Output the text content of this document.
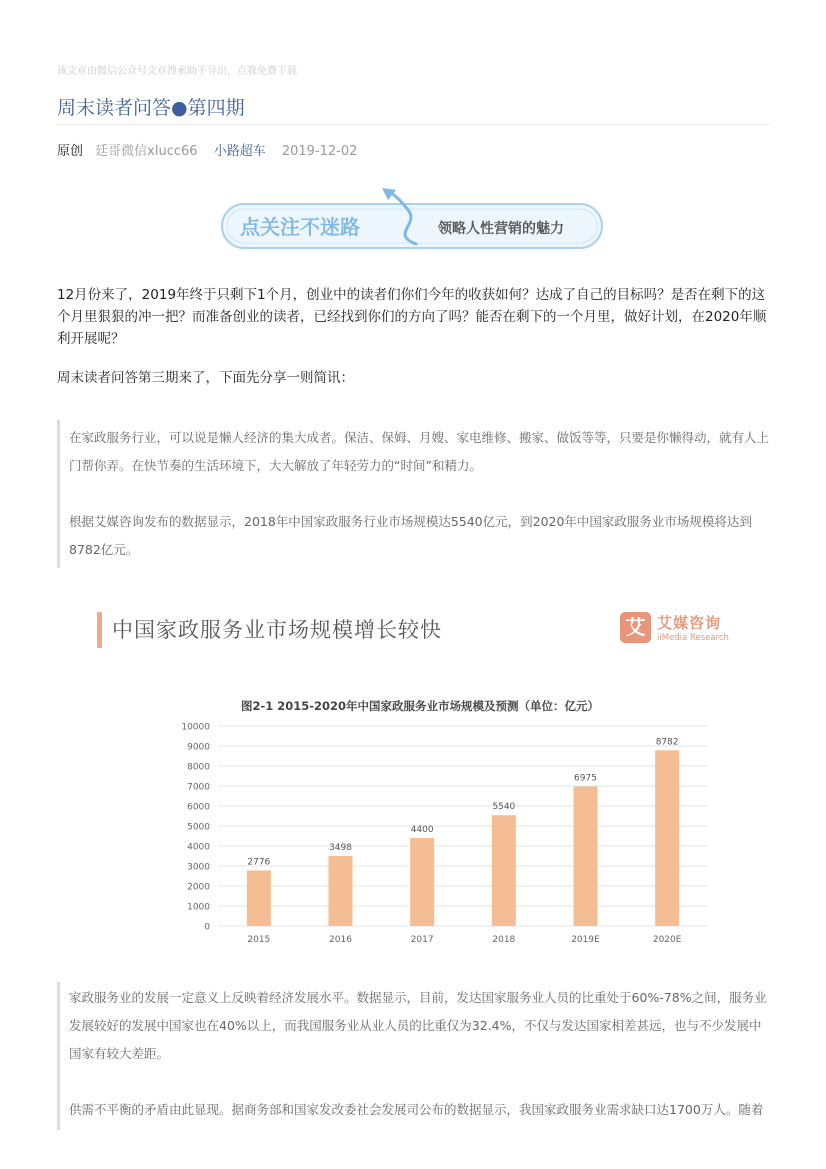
该文章由微信公众号文章搜索助手导出，点我免费下载
周末读者问答●第四期
原创 廷哥微信xlucc66 小路超车 2019-12-02
点关注不迷路	领略人性营销的魅力
12月份来了，2019年终于只剩下1个月，创业中的读者们你们今年的收获如何？达成了自己的目标吗？是否在剩下的这个月里狠狠的冲一把？而准备创业的读者，已经找到你们的方向了吗？能否在剩下的一个月里，做好计划，在2020年顺利开展呢？
周末读者问答第三期来了，下面先分享一则简讯：

在家政服务行业，可以说是懒人经济的集大成者。保洁、保姆、月嫂、家电维修、搬家、做饭等等，只要是你懒得动，就有人上门帮你弄。在快节奏的生活环境下，大大解放了年轻劳力的“时间”和精力。

根据艾媒咨询发布的数据显示，2018年中国家政服务行业市场规模达5540亿元，到2020年中国家政服务业市场规模将达到8782亿元。

中国家政服务业市场规模增长较快	艾 艾媒咨询
iiMedia Research
图2-1 2015-2020年中国家政服务业市场规模及预测（单位：亿元）
0
1000
2000
3000
4000
5000
6000
7000
8000
9000
10000
2776
2015
3498
2016
4400
2017
5540
2018
6975
2019E
8782
2020E

家政服务业的发展一定意义上反映着经济发展水平。数据显示，目前，发达国家服务业人员的比重处于60%-78%之间，服务业发展较好的发展中国家也在40%以上，而我国服务业从业人员的比重仅为32.4%，不仅与发达国家相差甚远，也与不少发展中国家有较大差距。

供需不平衡的矛盾由此显现。据商务部和国家发改委社会发展司公布的数据显示，我国家政服务业需求缺口达1700万人。随着
